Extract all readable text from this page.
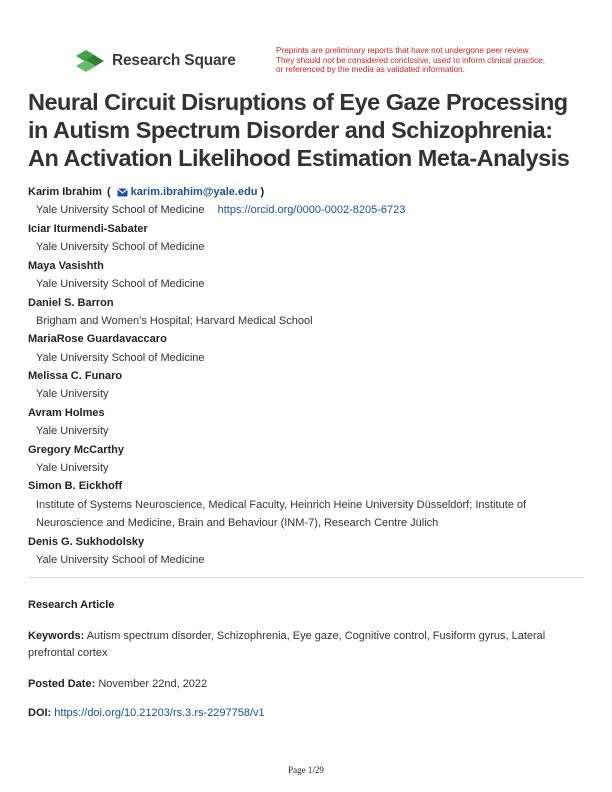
Research Square
Preprints are preliminary reports that have not undergone peer review.
They should not be considered conclusive, used to inform clinical practice,
or referenced by the media as validated information.
Neural Circuit Disruptions of Eye Gaze Processing in Autism Spectrum Disorder and Schizophrenia: An Activation Likelihood Estimation Meta-Analysis
Karim Ibrahim ( karim.ibrahim@yale.edu )
Yale University School of Medicine https://orcid.org/0000-0002-8205-6723
Iciar Iturmendi-Sabater
Yale University School of Medicine
Maya Vasishth
Yale University School of Medicine
Daniel S. Barron
Brigham and Women’s Hospital; Harvard Medical School
MariaRose Guardavaccaro
Yale University School of Medicine
Melissa C. Funaro
Yale University
Avram Holmes
Yale University
Gregory McCarthy
Yale University
Simon B. Eickhoff
Institute of Systems Neuroscience, Medical Faculty, Heinrich Heine University Düsseldorf; Institute of Neuroscience and Medicine, Brain and Behaviour (INM-7), Research Centre Jülich
Denis G. Sukhodolsky
Yale University School of Medicine
Research Article
Keywords: Autism spectrum disorder, Schizophrenia, Eye gaze, Cognitive control, Fusiform gyrus, Lateral prefrontal cortex
Posted Date: November 22nd, 2022
DOI: https://doi.org/10.21203/rs.3.rs-2297758/v1
Page 1/29
